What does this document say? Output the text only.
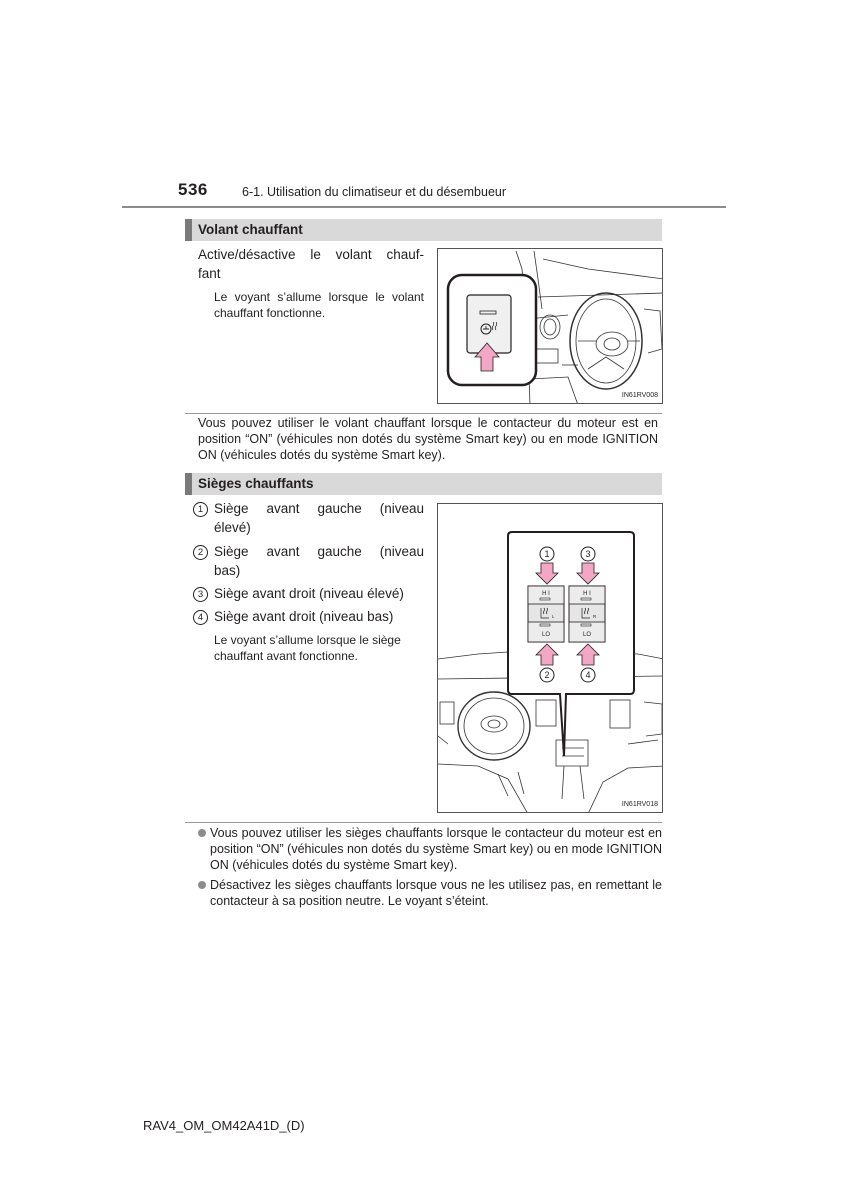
536	6-1. Utilisation du climatiseur et du désembueur
Volant chauffant
Active/désactive le volant chauf-
fant
Le voyant s’allume lorsque le volant chauffant fonctionne.
IN61RV008
Vous pouvez utiliser le volant chauffant lorsque le contacteur du moteur est en position “ON” (véhicules non dotés du système Smart key) ou en mode IGNITION ON (véhicules dotés du système Smart key).
Sièges chauffants
1 Siège avant gauche (niveau
élevé)
2 Siège avant gauche (niveau
bas)
3 Siège avant droit (niveau élevé)
4 Siège avant droit (niveau bas)
Le voyant s’allume lorsque le siège chauffant avant fonctionne.
H I	H I
L	R
LO	LO
1	3
2	4
IN61RV018
Vous pouvez utiliser les sièges chauffants lorsque le contacteur du moteur est en position “ON” (véhicules non dotés du système Smart key) ou en mode IGNITION ON (véhicules dotés du système Smart key).
Désactivez les sièges chauffants lorsque vous ne les utilisez pas, en remettant le contacteur à sa position neutre. Le voyant s’éteint.
RAV4_OM_OM42A41D_(D)
